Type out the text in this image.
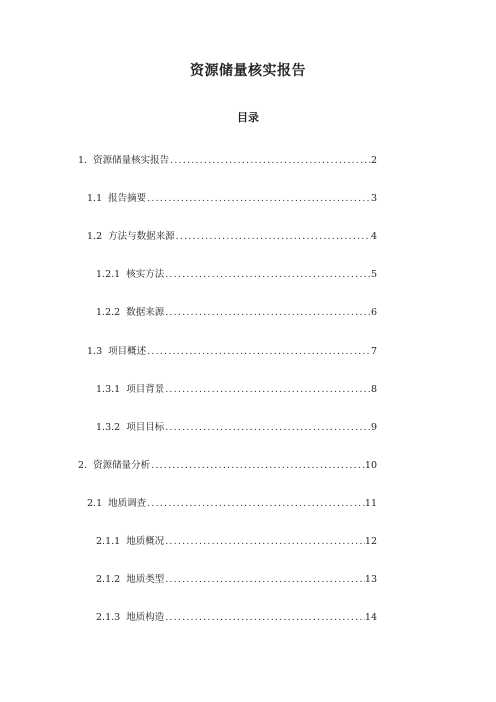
资源储量核实报告
目录
1. 资源储量核实报告 .....	2
1.1 报告摘要 .....	3
1.2 方法与数据来源 .....	4
1.2.1 核实方法 .....	5
1.2.2 数据来源 .....	6
1.3 项目概述 .....	7
1.3.1 项目背景 .....	8
1.3.2 项目目标 .....	9
2. 资源储量分析 .....	10
2.1 地质调查 .....	11
2.1.1 地质概况 .....	12
2.1.2 地质类型 .....	13
2.1.3 地质构造 .....	14
